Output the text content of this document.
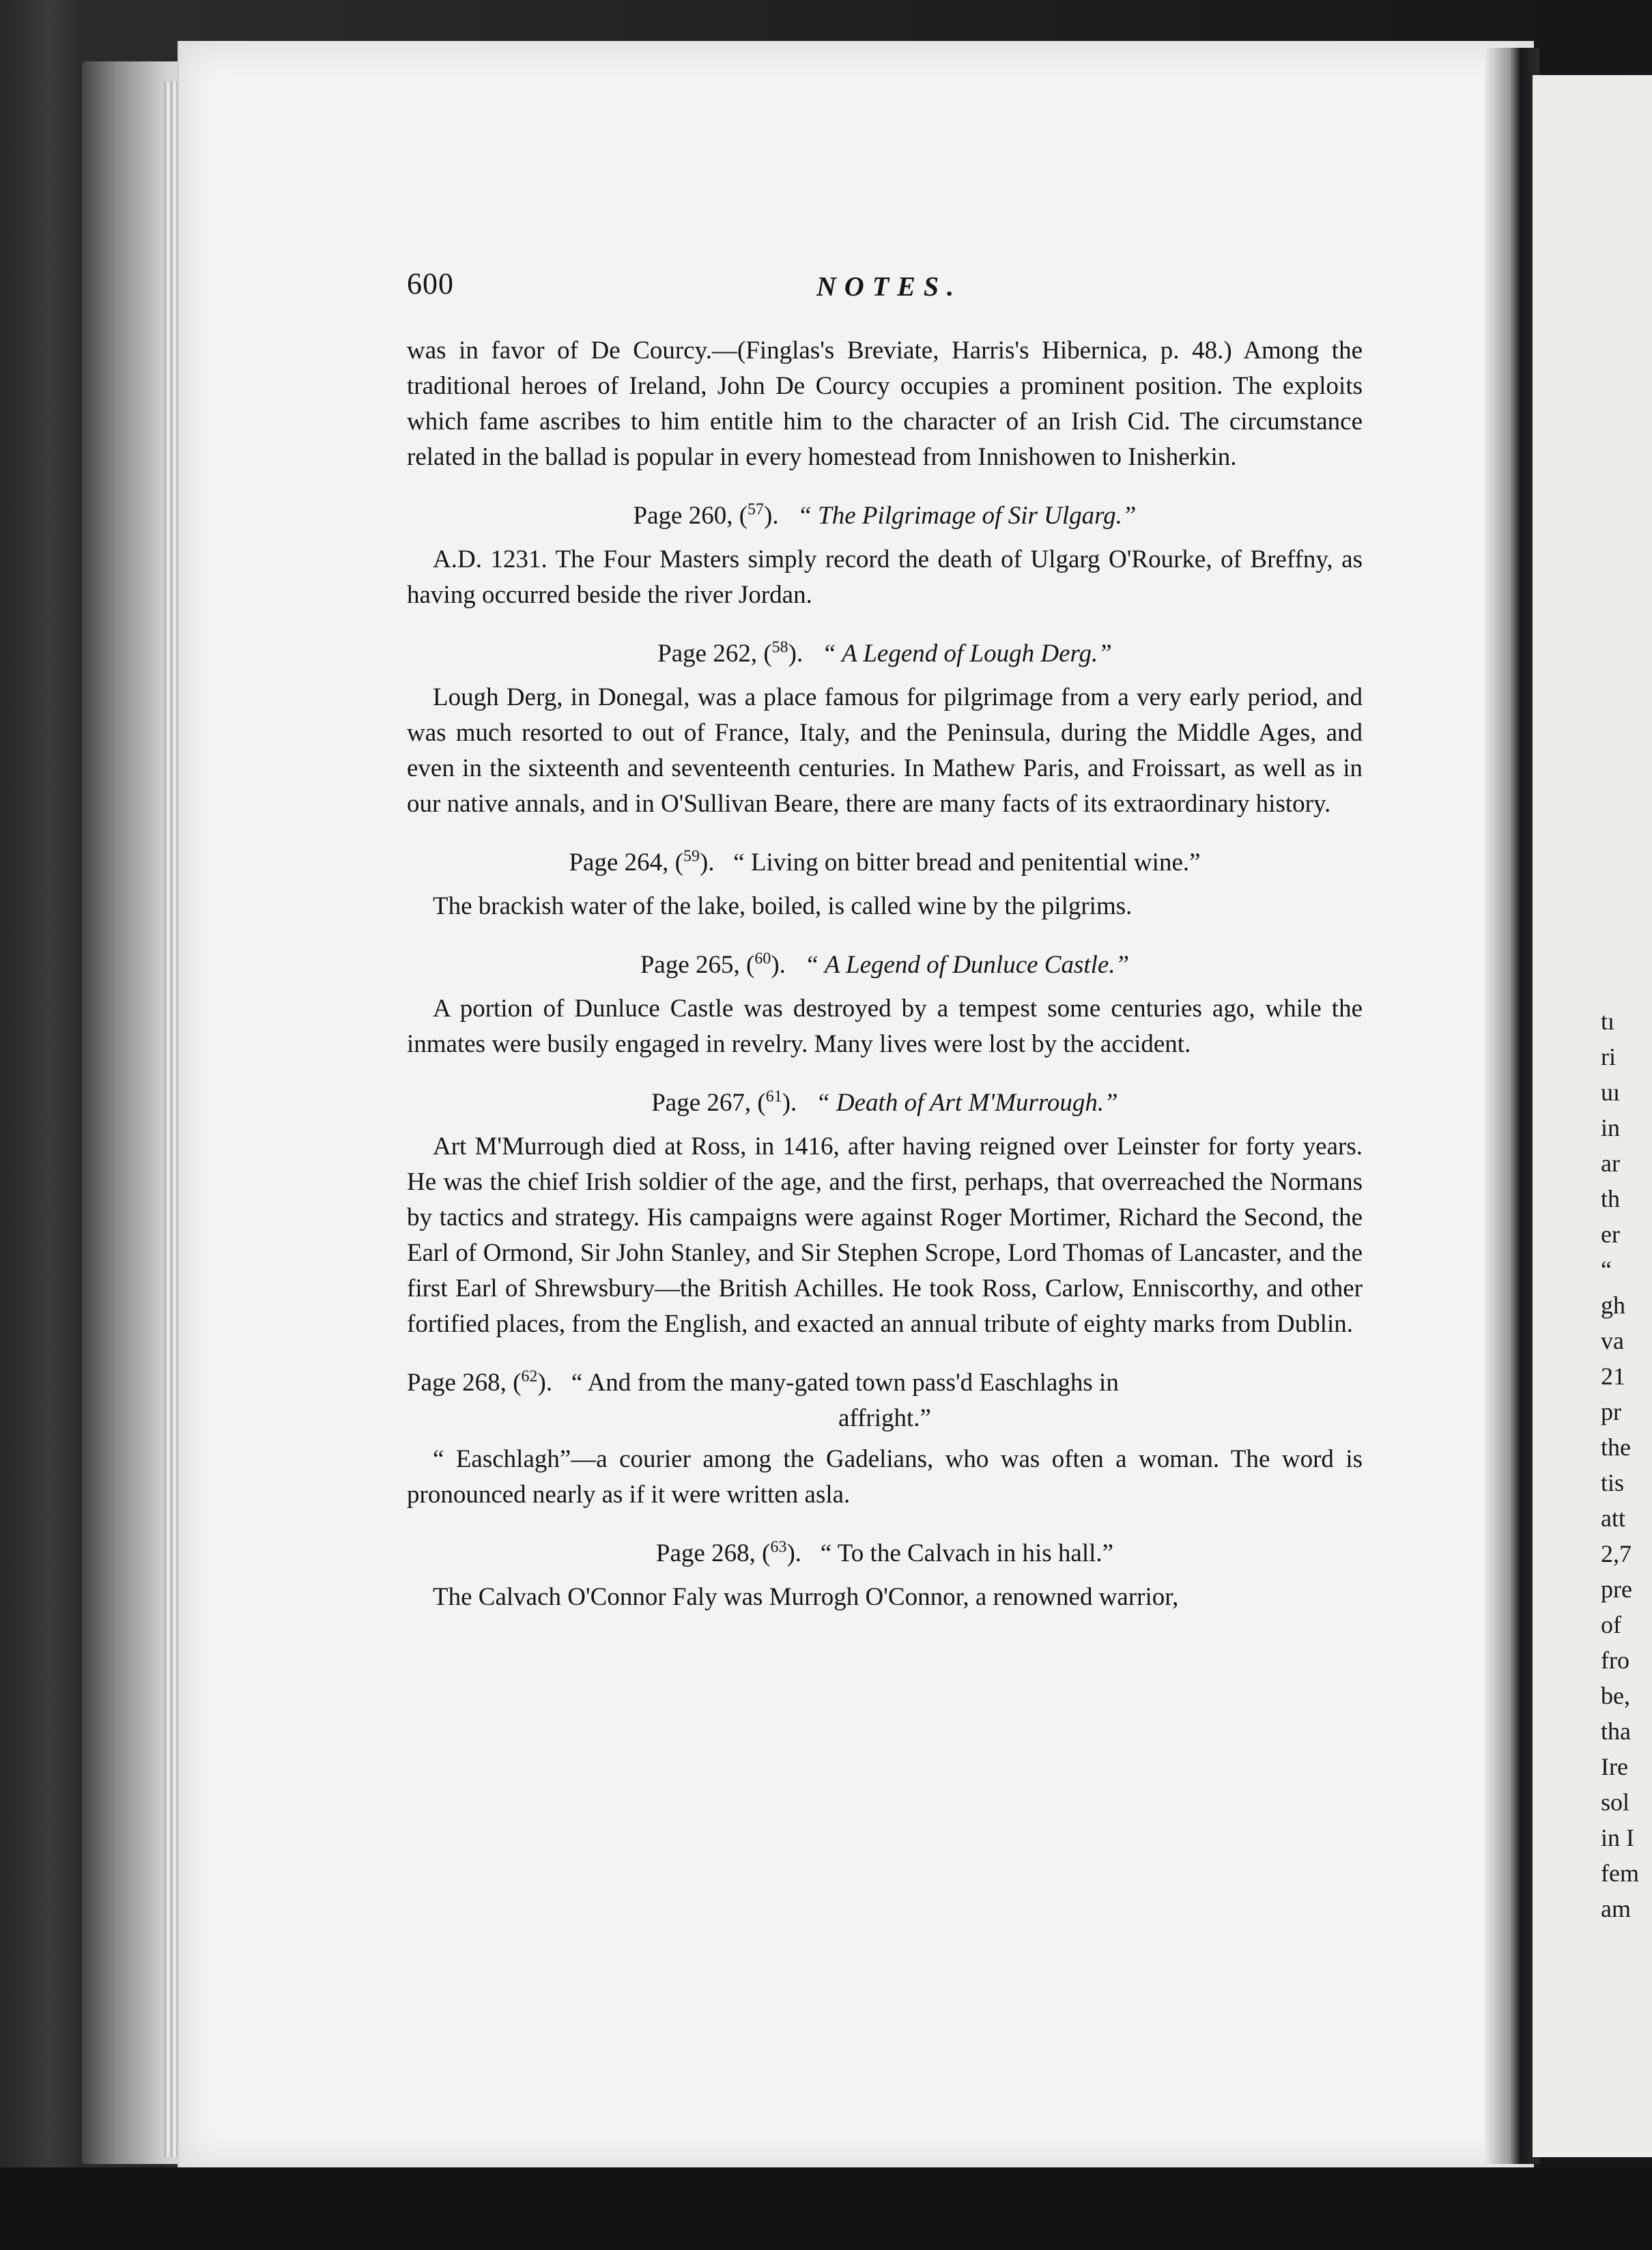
600	NOTES.

was in favor of De Courcy.—(Finglas's Breviate, Harris's Hibernica, p. 48.) Among the traditional heroes of Ireland, John De Courcy occupies a prominent position. The exploits which fame ascribes to him entitle him to the character of an Irish Cid. The circumstance related in the ballad is popular in every homestead from Innishowen to Inisherkin.

Page 260, ($^{57}$).   “ The Pilgrimage of Sir Ulgarg.”

A.D. 1231. The Four Masters simply record the death of Ulgarg O'Rourke, of Breffny, as having occurred beside the river Jordan.

Page 262, ($^{58}$).   “ A Legend of Lough Derg.”

Lough Derg, in Donegal, was a place famous for pilgrimage from a very early period, and was much resorted to out of France, Italy, and the Peninsula, during the Middle Ages, and even in the sixteenth and seventeenth centuries. In Mathew Paris, and Froissart, as well as in our native annals, and in O'Sullivan Beare, there are many facts of its extraordinary history.

Page 264, ($^{59}$).   “ Living on bitter bread and penitential wine.”

The brackish water of the lake, boiled, is called wine by the pilgrims.

Page 265, ($^{60}$).   “ A Legend of Dunluce Castle.”

A portion of Dunluce Castle was destroyed by a tempest some centuries ago, while the inmates were busily engaged in revelry. Many lives were lost by the accident.

Page 267, ($^{61}$).   “ Death of Art M'Murrough.”

Art M'Murrough died at Ross, in 1416, after having reigned over Leinster for forty years. He was the chief Irish soldier of the age, and the first, perhaps, that overreached the Normans by tactics and strategy. His campaigns were against Roger Mortimer, Richard the Second, the Earl of Ormond, Sir John Stanley, and Sir Stephen Scrope, Lord Thomas of Lancaster, and the first Earl of Shrewsbury—the British Achilles. He took Ross, Carlow, Enniscorthy, and other fortified places, from the English, and exacted an annual tribute of eighty marks from Dublin.

Page 268, ($^{62}$).   “ And from the many-gated town pass'd Easchlaghs in
affright.”

“ Easchlagh”—a courier among the Gadelians, who was often a woman. The word is pronounced nearly as if it were written asla.

Page 268, ($^{63}$).   “ To the Calvach in his hall.”

The Calvach O'Connor Faly was Murrogh O'Connor, a renowned warrior,

tı
ri
uı
in
ar
th
er
“
gh
va
21
pr
the
tis
att
2,7
pre
of
fro
be,
tha
Ire
sol
in I
fem
am
